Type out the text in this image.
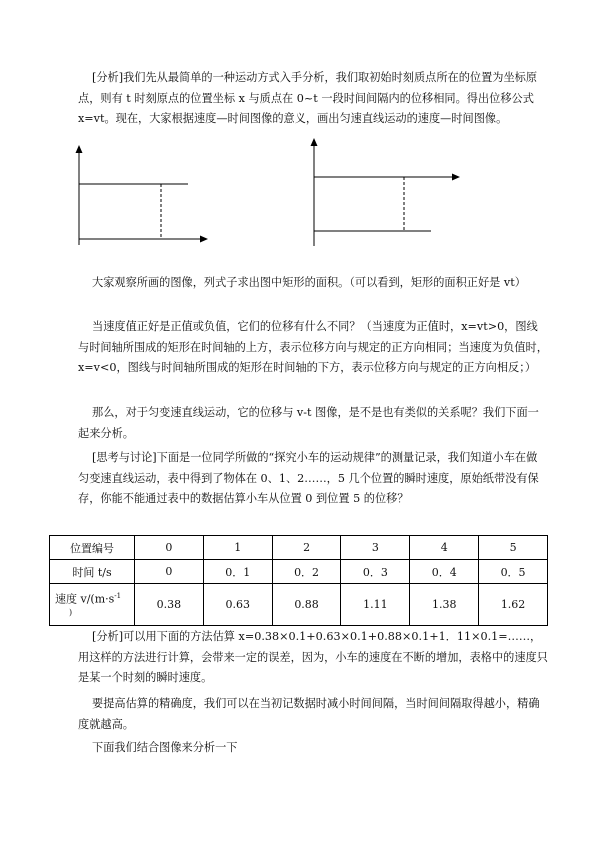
[分析]我们先从最简单的一种运动方式入手分析，我们取初始时刻质点所在的位置为坐标原点，则有 t 时刻原点的位置坐标 x 与质点在 0~t 一段时间间隔内的位移相同。得出位移公式 x=vt。现在，大家根据速度—时间图像的意义，画出匀速直线运动的速度—时间图像。

大家观察所画的图像，列式子求出图中矩形的面积。（可以看到，矩形的面积正好是 vt）

当速度值正好是正值或负值，它们的位移有什么不同？（当速度为正值时，x=vt>0，图线与时间轴所围成的矩形在时间轴的上方，表示位移方向与规定的正方向相同；当速度为负值时，x=v<0，图线与时间轴所围成的矩形在时间轴的下方，表示位移方向与规定的正方向相反；）

那么，对于匀变速直线运动，它的位移与 v-t 图像，是不是也有类似的关系呢？我们下面一起来分析。

[思考与讨论]下面是一位同学所做的“探究小车的运动规律”的测量记录，我们知道小车在做匀变速直线运动，表中得到了物体在 0、1、2……，5 几个位置的瞬时速度，原始纸带没有保存，你能不能通过表中的数据估算小车从位置 0 到位置 5 的位移？

位置编号	0	1	2	3	4	5
时间 t/s	0	0．1	0．2	0．3	0．4	0．5
速度 $v/(m\cdot s^{-1}$
)	0.38	0.63	0.88	1.11	1.38	1.62

[分析]可以用下面的方法估算 x=0.38×0.1+0.63×0.1+0.88×0.1+1．11×0.1=……，用这样的方法进行计算，会带来一定的误差，因为，小车的速度在不断的增加，表格中的速度只是某一个时刻的瞬时速度。

要提高估算的精确度，我们可以在当初记数据时减小时间间隔，当时间间隔取得越小，精确度就越高。

下面我们结合图像来分析一下
